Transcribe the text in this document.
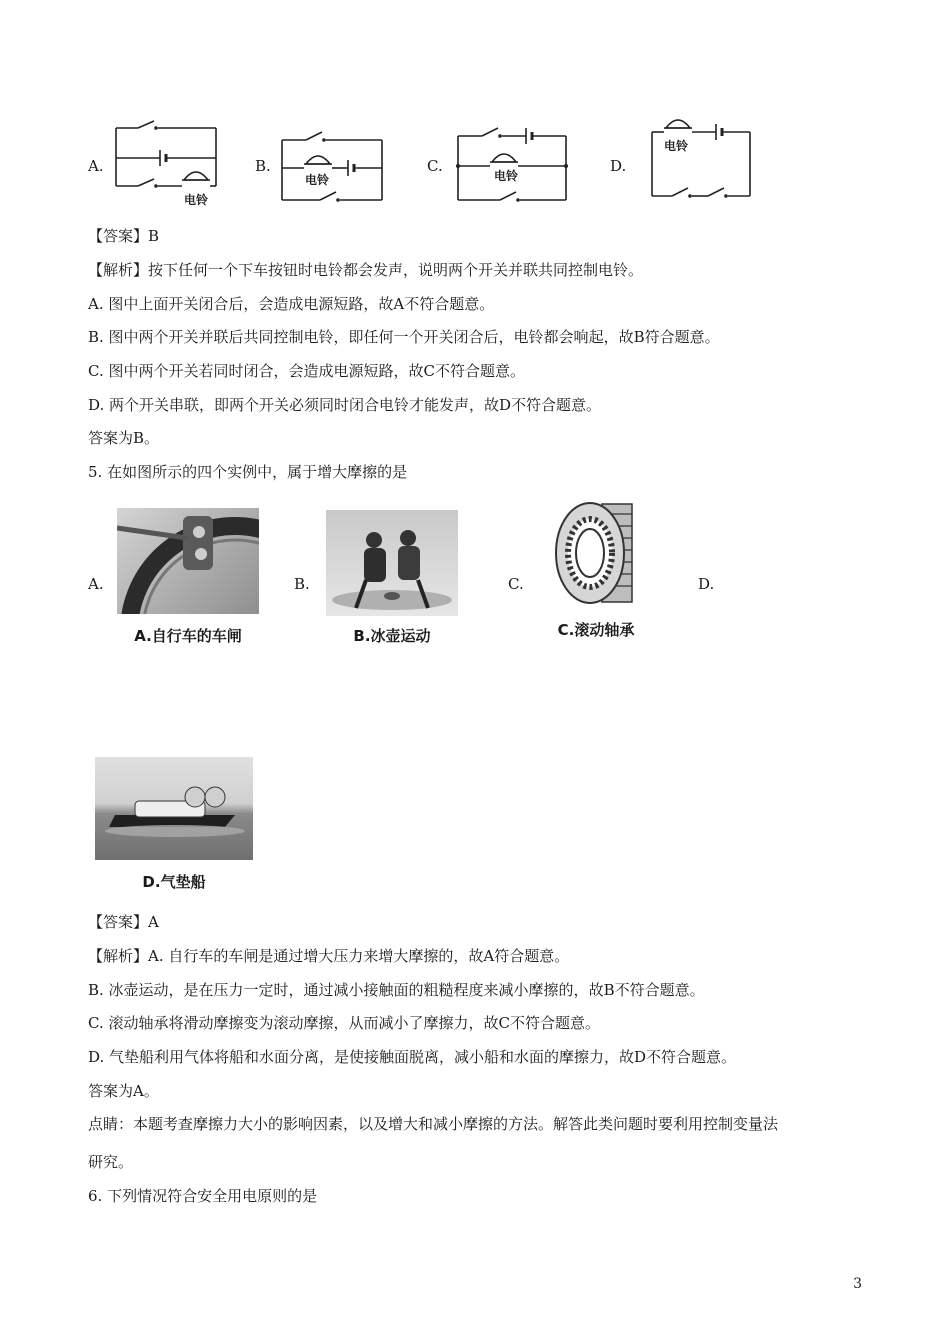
A.
电铃
B.
电铃
C.
电铃
D.
电铃
【答案】B
【解析】按下任何一个下车按钮时电铃都会发声，说明两个开关并联共同控制电铃。
A. 图中上面开关闭合后，会造成电源短路，故A不符合题意。
B. 图中两个开关并联后共同控制电铃，即任何一个开关闭合后，电铃都会响起，故B符合题意。
C. 图中两个开关若同时闭合，会造成电源短路，故C不符合题意。
D. 两个开关串联，即两个开关必须同时闭合电铃才能发声，故D不符合题意。
答案为B。
5. 在如图所示的四个实例中，属于增大摩擦的是
A.
A.自行车的车闸
B.
B.冰壶运动
C.
C.滚动轴承
D.
D.气垫船
【答案】A
【解析】A. 自行车的车闸是通过增大压力来增大摩擦的，故A符合题意。
B. 冰壶运动，是在压力一定时，通过减小接触面的粗糙程度来减小摩擦的，故B不符合题意。
C. 滚动轴承将滑动摩擦变为滚动摩擦，从而减小了摩擦力，故C不符合题意。
D. 气垫船利用气体将船和水面分离，是使接触面脱离，减小船和水面的摩擦力，故D不符合题意。
答案为A。
点睛：本题考查摩擦力大小的影响因素，以及增大和减小摩擦的方法。解答此类问题时要利用控制变量法
研究。
6. 下列情况符合安全用电原则的是
3
